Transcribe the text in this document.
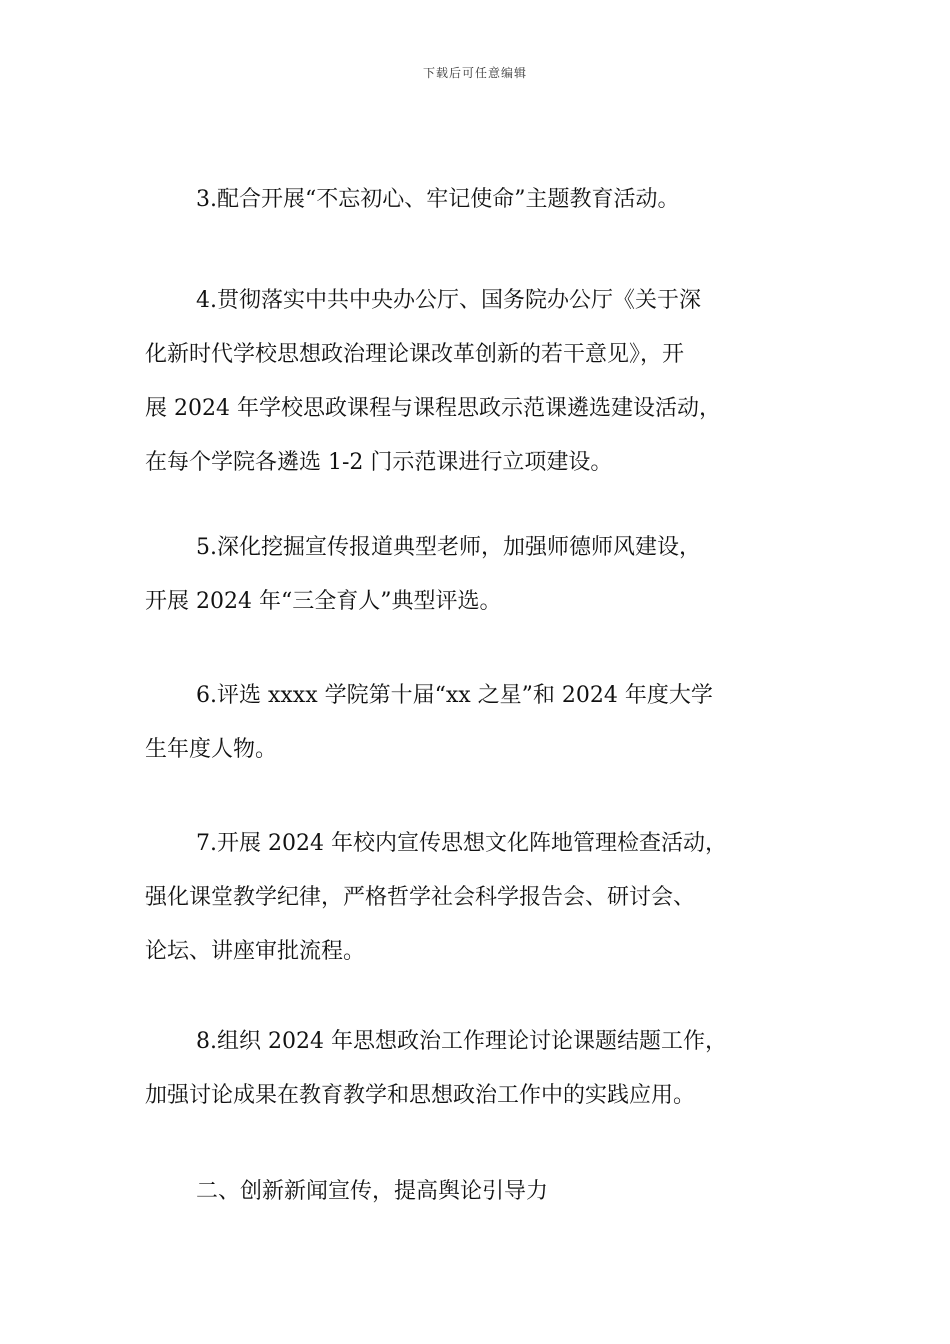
下载后可任意编辑
3.配合开展“不忘初心、牢记使命”主题教育活动。
4.贯彻落实中共中央办公厅、国务院办公厅《关于深
化新时代学校思想政治理论课改革创新的若干意见》，开
展 2024 年学校思政课程与课程思政示范课遴选建设活动，
在每个学院各遴选 1-2 门示范课进行立项建设。
5.深化挖掘宣传报道典型老师，加强师德师风建设，
开展 2024 年“三全育人”典型评选。
6.评选 xxxx 学院第十届“xx 之星”和 2024 年度大学
生年度人物。
7.开展 2024 年校内宣传思想文化阵地管理检查活动，
强化课堂教学纪律，严格哲学社会科学报告会、研讨会、
论坛、讲座审批流程。
8.组织 2024 年思想政治工作理论讨论课题结题工作，
加强讨论成果在教育教学和思想政治工作中的实践应用。
二、创新新闻宣传，提高舆论引导力
